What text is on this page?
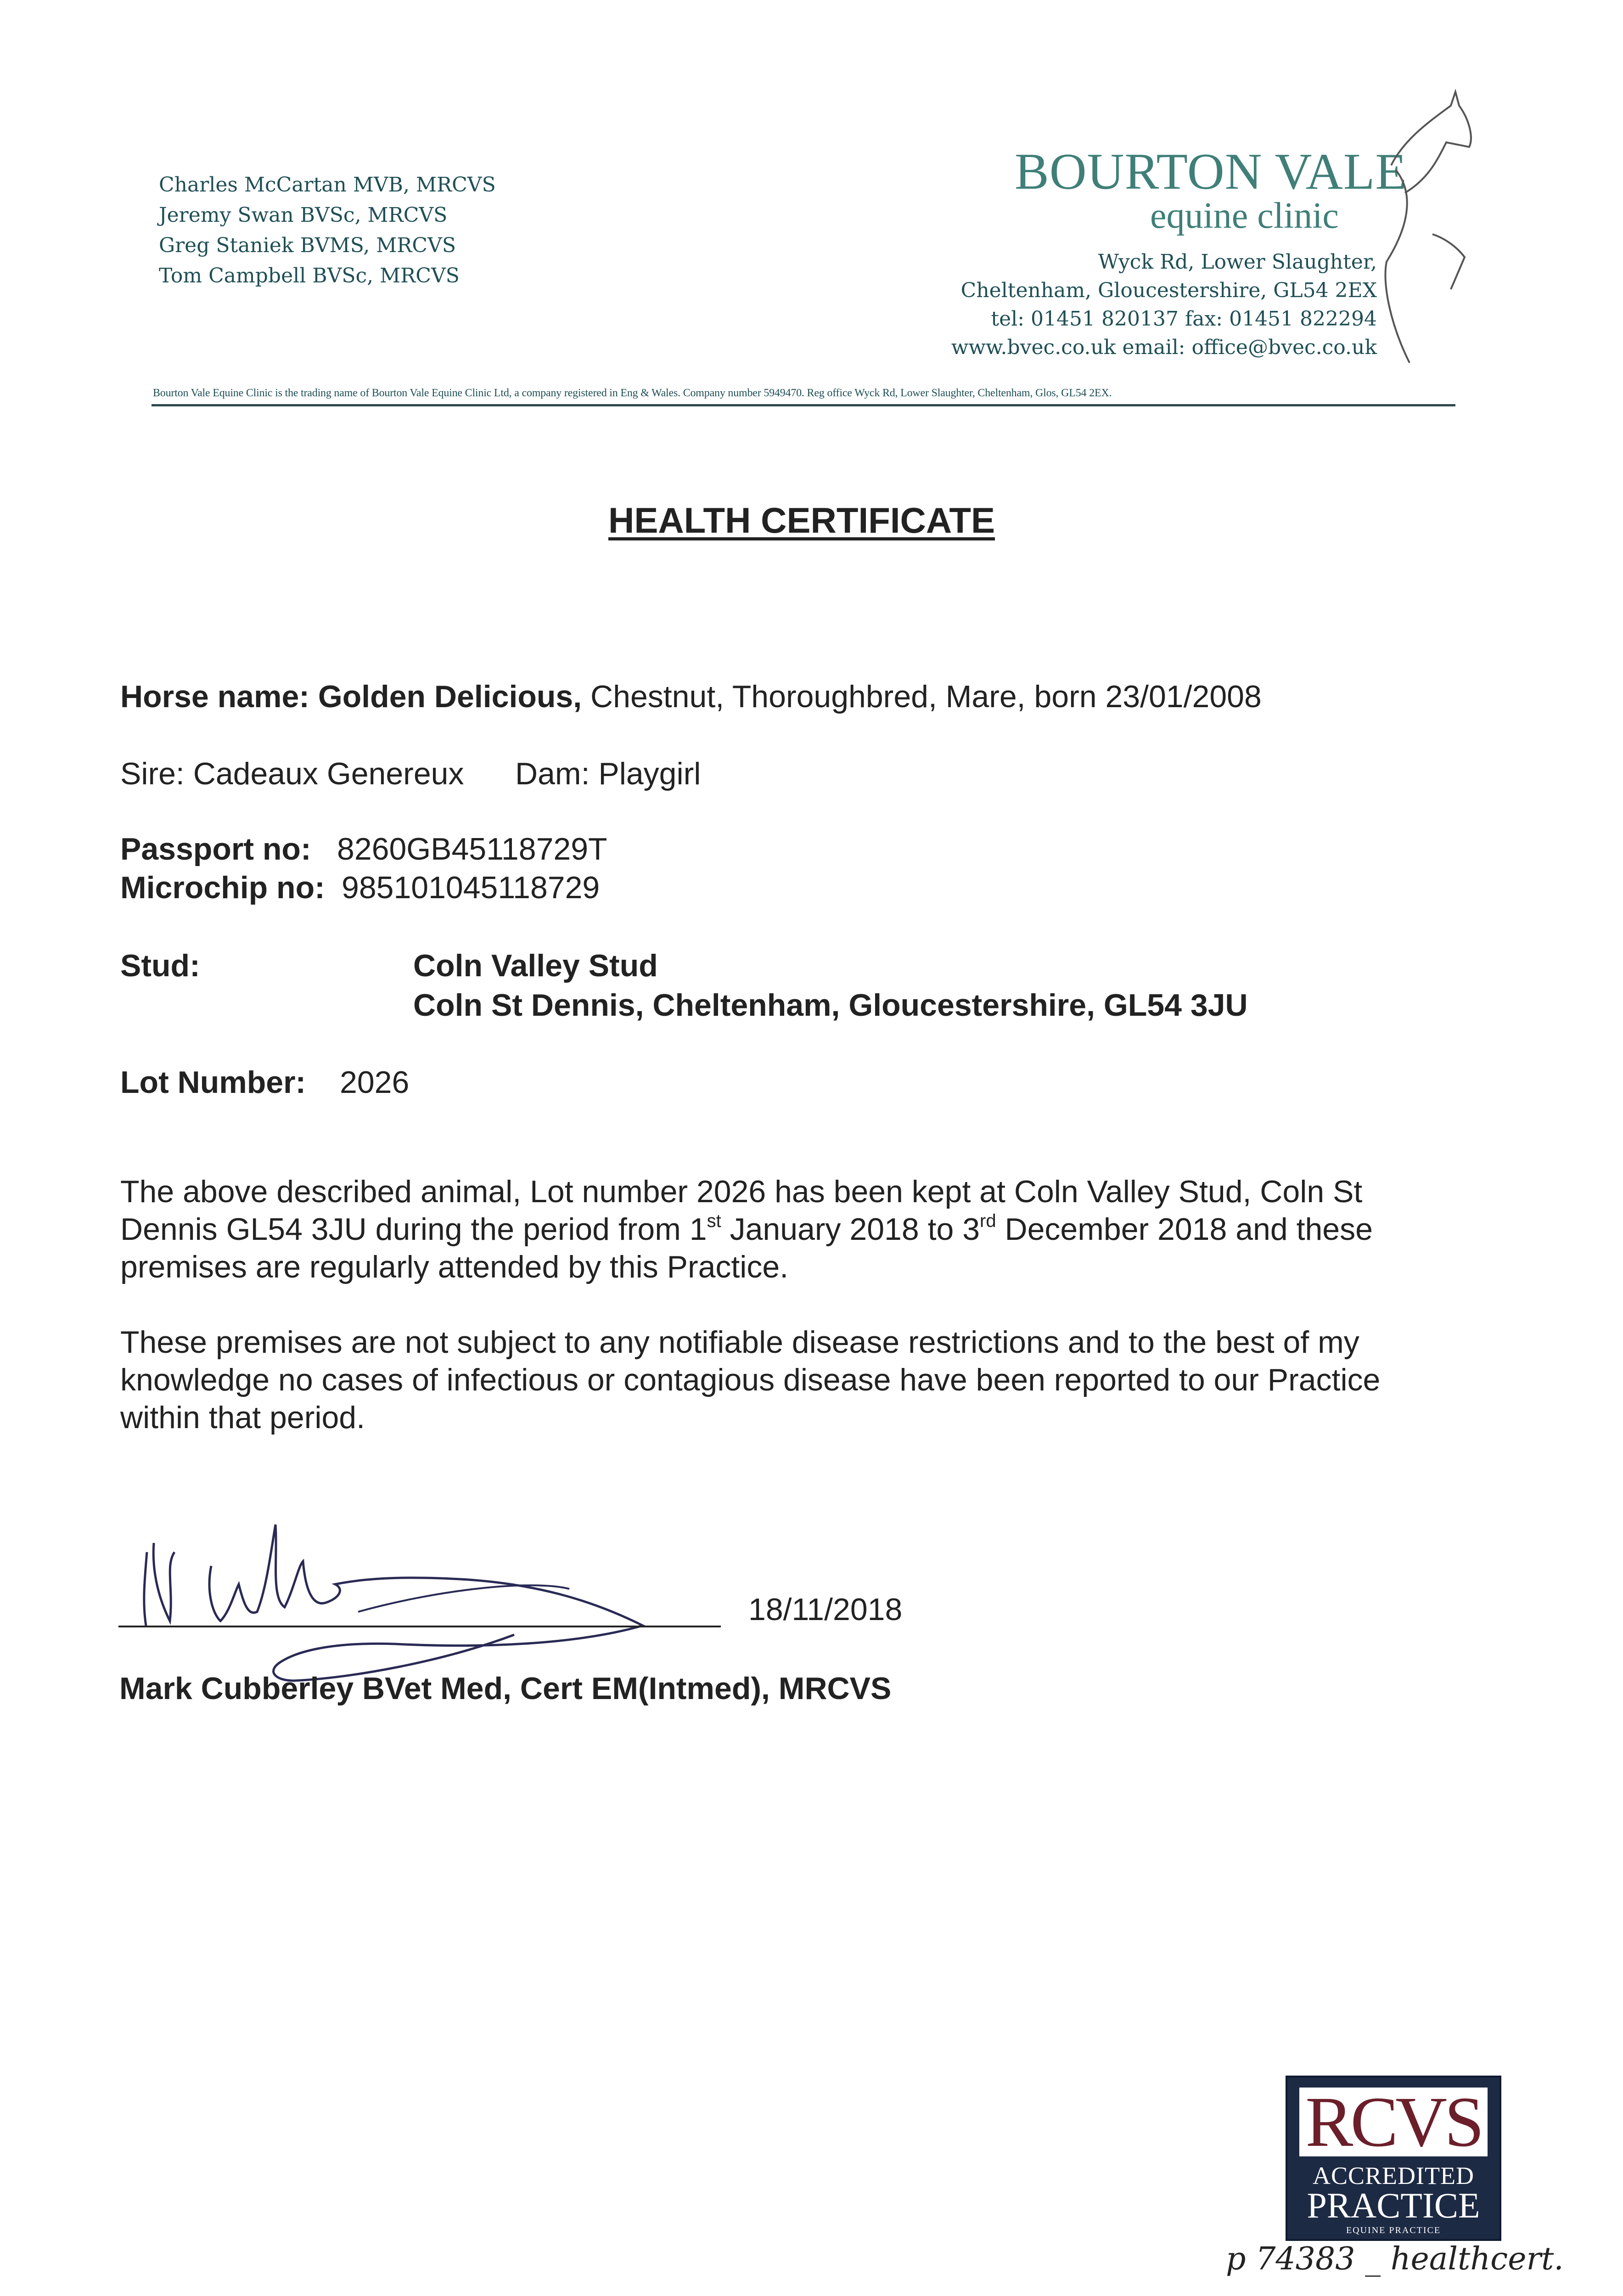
Charles McCartan MVB, MRCVS
Jeremy Swan BVSc, MRCVS
Greg Staniek BVMS, MRCVS
Tom Campbell BVSc, MRCVS
BOURTON VALE
equine clinic
Wyck Rd, Lower Slaughter,
Cheltenham, Gloucestershire, GL54 2EX
tel: 01451 820137 fax: 01451 822294
www.bvec.co.uk email: office@bvec.co.uk
Bourton Vale Equine Clinic is the trading name of Bourton Vale Equine Clinic Ltd, a company registered in Eng & Wales. Company number 5949470. Reg office Wyck Rd, Lower Slaughter, Cheltenham, Glos, GL54 2EX.
HEALTH CERTIFICATE
Horse name: Golden Delicious, Chestnut, Thoroughbred, Mare, born 23/01/2008
Sire: Cadeaux Genereux Dam: Playgirl
Passport no: 8260GB45118729T
Microchip no: 985101045118729
Stud:	Coln Valley Stud
Coln St Dennis, Cheltenham, Gloucestershire, GL54 3JU
Lot Number: 2026
The above described animal, Lot number 2026 has been kept at Coln Valley Stud, Coln St
Dennis GL54 3JU during the period from 1st January 2018 to 3rd December 2018 and these
premises are regularly attended by this Practice.
These premises are not subject to any notifiable disease restrictions and to the best of my
knowledge no cases of infectious or contagious disease have been reported to our Practice
within that period.
18/11/2018
Mark Cubberley BVet Med, Cert EM(Intmed), MRCVS
RCVS
ACCREDITED
PRACTICE
EQUINE PRACTICE
p 74383 _ healthcert.
